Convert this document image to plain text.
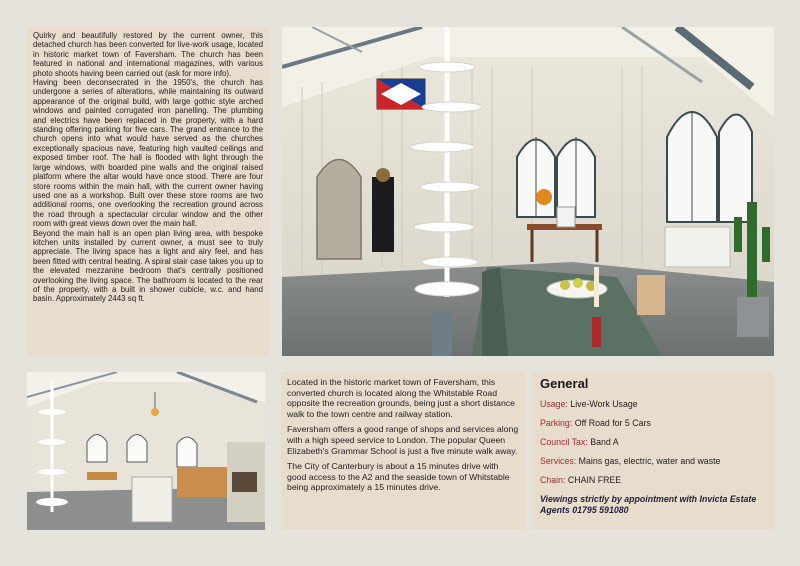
Quirky and beautifully restored by the current owner, this detached church has been converted for live-work usage, located in historic market town of Faversham. The church has been featured in national and international magazines, with various photo shoots having been carried out (ask for more info).

Having been deconsecrated in the 1950's, the church has undergone a series of alterations, while maintaining its outward appearance of the original build, with large gothic style arched windows and painted corrugated iron panelling. The plumbing and electrics have been replaced in the property, with a hard standing offering parking for five cars. The grand entrance to the church opens into what would have served as the churches exceptionally spacious nave, featuring high vaulted ceilings and exposed timber roof. The hall is flooded with light through the large windows, with boarded pine walls and the original raised platform where the altar would have once stood. There are four store rooms within the main hall, with the current owner having used one as a workshop. Built over these store rooms are two additional rooms, one overlooking the recreation ground across the road through a spectacular circular window and the other room with great views down over the main hall.

Beyond the main hall is an open plan living area, with bespoke kitchen units installed by current owner, a must see to truly appreciate. The living space has a light and airy feel, and has been fitted with central heating. A spiral stair case takes you up to the elevated mezzanine bedroom that's centrally positioned overlooking the living space. The bathroom is located to the rear of the property, with a built in shower cubicle, w.c. and hand basin. Approximately 2443 sq ft.

Located in the historic market town of Faversham, this converted church is located along the Whitstable Road opposite the recreation grounds, being just a short distance walk to the town centre and railway station.

Faversham offers a good range of shops and services along with a high speed service to London. The popular Queen Elizabeth's Grammar School is just a five minute walk away.

The City of Canterbury is about a 15 minutes drive with good access to the A2 and the seaside town of Whitstable being approximately a 15 minutes drive.

General
Usage: Live-Work Usage
Parking: Off Road for 5 Cars
Council Tax: Band A
Services: Mains gas, electric, water and waste
Chain: CHAIN FREE
Viewings strictly by appointment with Invicta Estate Agents 01795 591080
